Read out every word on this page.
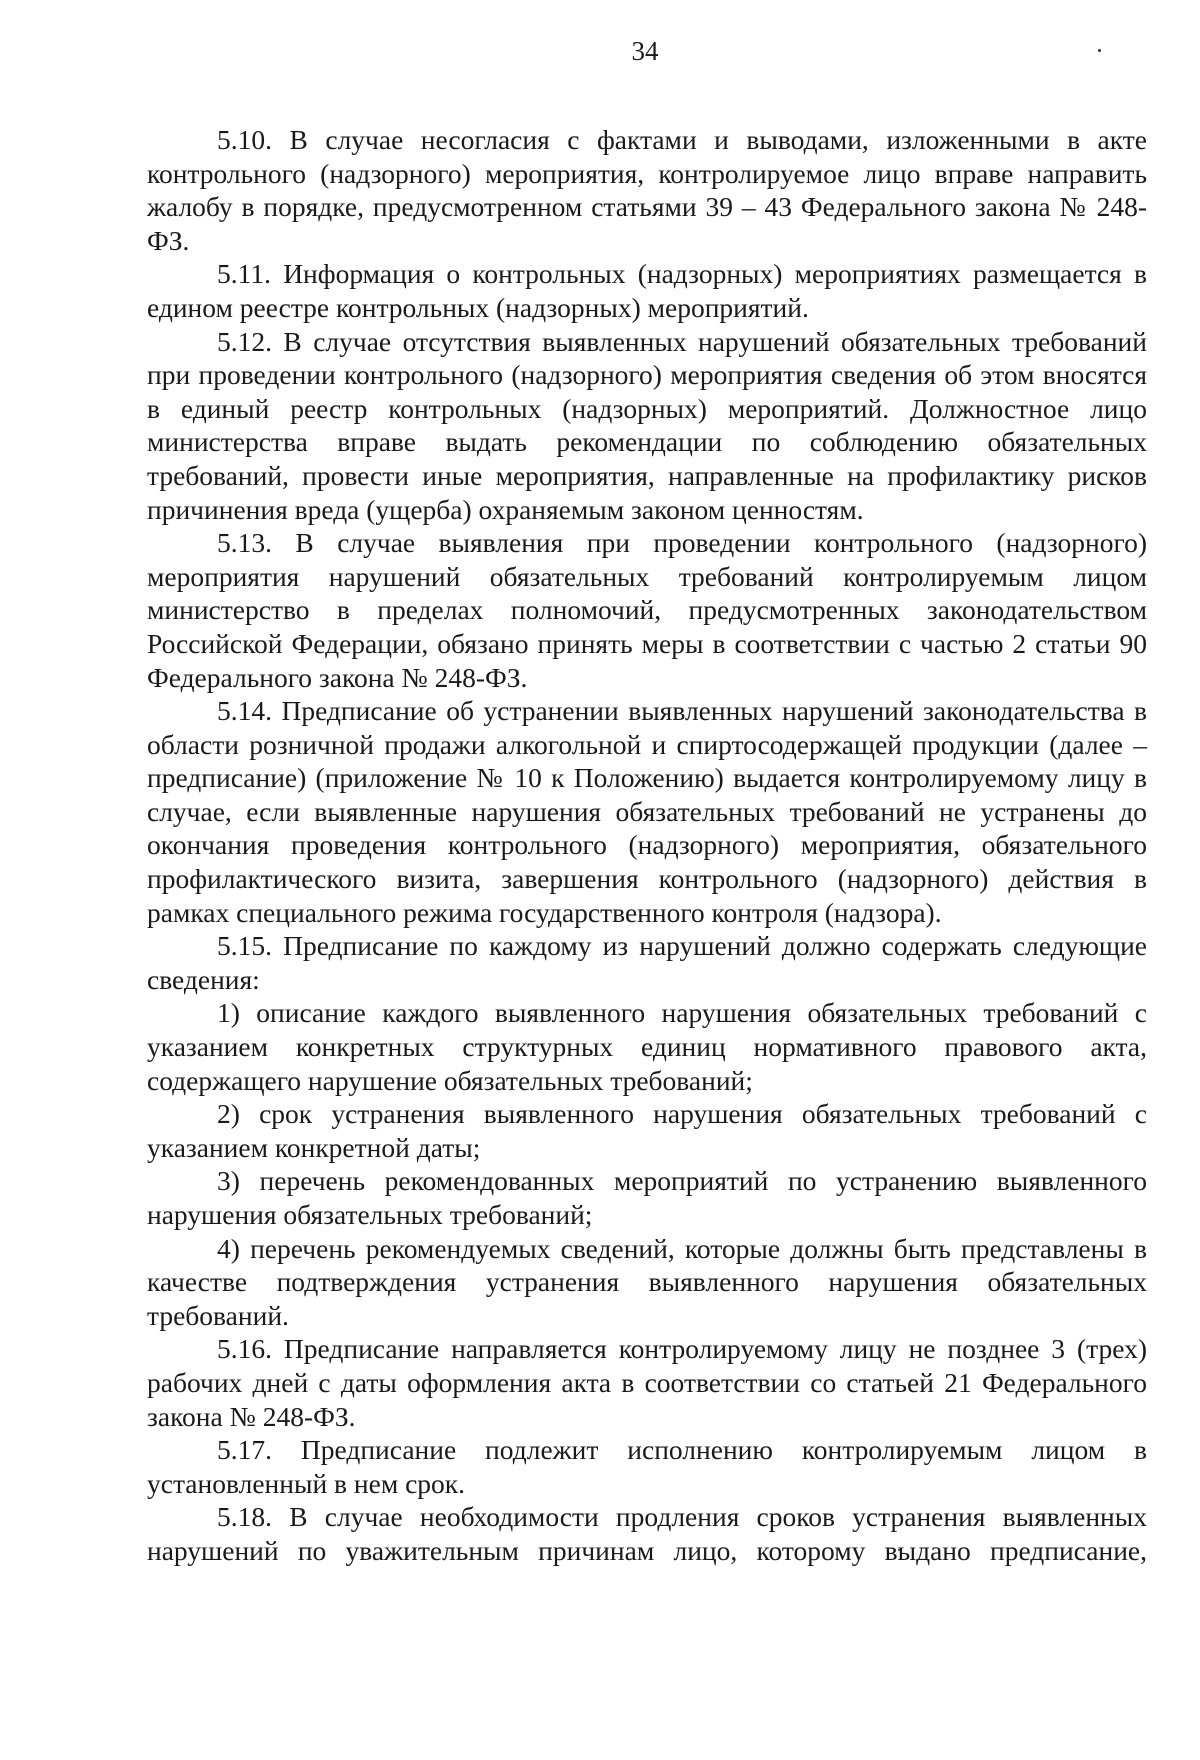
34

5.10. В случае несогласия с фактами и выводами, изложенными в акте контрольного (надзорного) мероприятия, контролируемое лицо вправе направить жалобу в порядке, предусмотренном статьями 39 – 43 Федерального закона № 248-ФЗ.

5.11. Информация о контрольных (надзорных) мероприятиях размещается в едином реестре контрольных (надзорных) мероприятий.

5.12. В случае отсутствия выявленных нарушений обязательных требований при проведении контрольного (надзорного) мероприятия сведения об этом вносятся в единый реестр контрольных (надзорных) мероприятий. Должностное лицо министерства вправе выдать рекомендации по соблюдению обязательных требований, провести иные мероприятия, направленные на профилактику рисков причинения вреда (ущерба) охраняемым законом ценностям.

5.13. В случае выявления при проведении контрольного (надзорного) мероприятия нарушений обязательных требований контролируемым лицом министерство в пределах полномочий, предусмотренных законодательством Российской Федерации, обязано принять меры в соответствии с частью 2 статьи 90 Федерального закона № 248-ФЗ.

5.14. Предписание об устранении выявленных нарушений законодательства в области розничной продажи алкогольной и спиртосодержащей продукции (далее – предписание) (приложение № 10 к Положению) выдается контролируемому лицу в случае, если выявленные нарушения обязательных требований не устранены до окончания проведения контрольного (надзорного) мероприятия, обязательного профилактического визита, завершения контрольного (надзорного) действия в рамках специального режима государственного контроля (надзора).

5.15. Предписание по каждому из нарушений должно содержать следующие сведения:

1) описание каждого выявленного нарушения обязательных требований с указанием конкретных структурных единиц нормативного правового акта, содержащего нарушение обязательных требований;

2) срок устранения выявленного нарушения обязательных требований с указанием конкретной даты;

3) перечень рекомендованных мероприятий по устранению выявленного нарушения обязательных требований;

4) перечень рекомендуемых сведений, которые должны быть представлены в качестве подтверждения устранения выявленного нарушения обязательных требований.

5.16. Предписание направляется контролируемому лицу не позднее 3 (трех) рабочих дней с даты оформления акта в соответствии со статьей 21 Федерального закона № 248-ФЗ.

5.17. Предписание подлежит исполнению контролируемым лицом в установленный в нем срок.

5.18. В случае необходимости продления сроков устранения выявленных нарушений по уважительным причинам лицо, которому выдано предписание,
